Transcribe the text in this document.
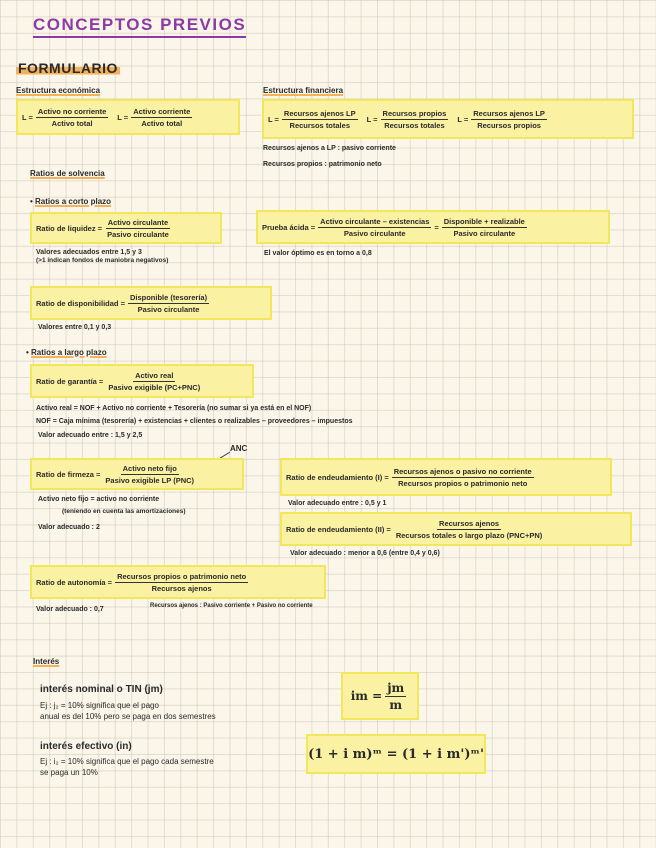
CONCEPTOS PREVIOS
FORMULARIO
Estructura económica
$L = \frac{\text{Activo no corriente}}{\text{Activo total}}$ $L = \frac{\text{Activo corriente}}{\text{Activo total}}$
Estructura financiera
$L = \frac{\text{Recursos ajenos LP}}{\text{Recursos totales}}$ $L = \frac{\text{Recursos propios}}{\text{Recursos totales}}$ $L = \frac{\text{Recursos ajenos LP}}{\text{Recursos propios}}$
Recursos ajenos a LP : pasivo corriente
Recursos propios : patrimonio neto
Ratios de solvencia
• Ratios a corto plazo
Ratio de liquidez = $\frac{\text{Activo circulante}}{\text{Pasivo circulante}}$
Valores adecuados entre 1,5 y 3
(>1 indican fondos de maniobra negativos)
Prueba ácida = $\frac{\text{Activo circulante – existencias}}{\text{Pasivo circulante}} = \frac{\text{Disponible + realizable}}{\text{Pasivo circulante}}$
El valor óptimo es en torno a 0,8
Ratio de disponibilidad = $\frac{\text{Disponible (tesorería)}}{\text{Pasivo circulante}}$
Valores entre 0,1 y 0,3
• Ratios a largo plazo
Ratio de garantía = $\frac{\text{Activo real}}{\text{Pasivo exigible (PC+PNC)}}$
Activo real = NOF + Activo no corriente + Tesorería (no sumar si ya está en el NOF)
NOF = Caja mínima (tesorería) + existencias + clientes o realizables – proveedores – impuestos
Valor adecuado entre : 1,5 y 2,5
ANC
Ratio de firmeza = $\frac{\text{Activo neto fijo}}{\text{Pasivo exigible LP (PNC)}}$
Activo neto fijo = activo no corriente
(teniendo en cuenta las amortizaciones)
Valor adecuado : 2
Ratio de endeudamiento $(I) = \frac{\text{Recursos ajenos o pasivo no corriente}}{\text{Recursos propios o patrimonio neto}}$
Valor adecuado entre : 0,5 y 1
Ratio de endeudamiento $(II) = \frac{\text{Recursos ajenos}}{\text{Recursos totales o largo plazo (PNC+PN)}}$
Valor adecuado : menor a 0,6 (entre 0,4 y 0,6)
Ratio de autonomía = $\frac{\text{Recursos propios o patrimonio neto}}{\text{Recursos ajenos}}$
Valor adecuado : 0,7	Recursos ajenos : Pasivo corriente + Pasivo no corriente
Interés
interés nominal o TIN (jm)
Ej : j₂ = 10% significa que el pago
anual es del 10% pero se paga en dos semestres
im = $\frac{jm}{m}$
interés efectivo (in)
Ej : i₂ = 10% significa que el pago cada semestre
se paga un 10%
(1 + i m)ᵐ = (1 + i m')ᵐ'
